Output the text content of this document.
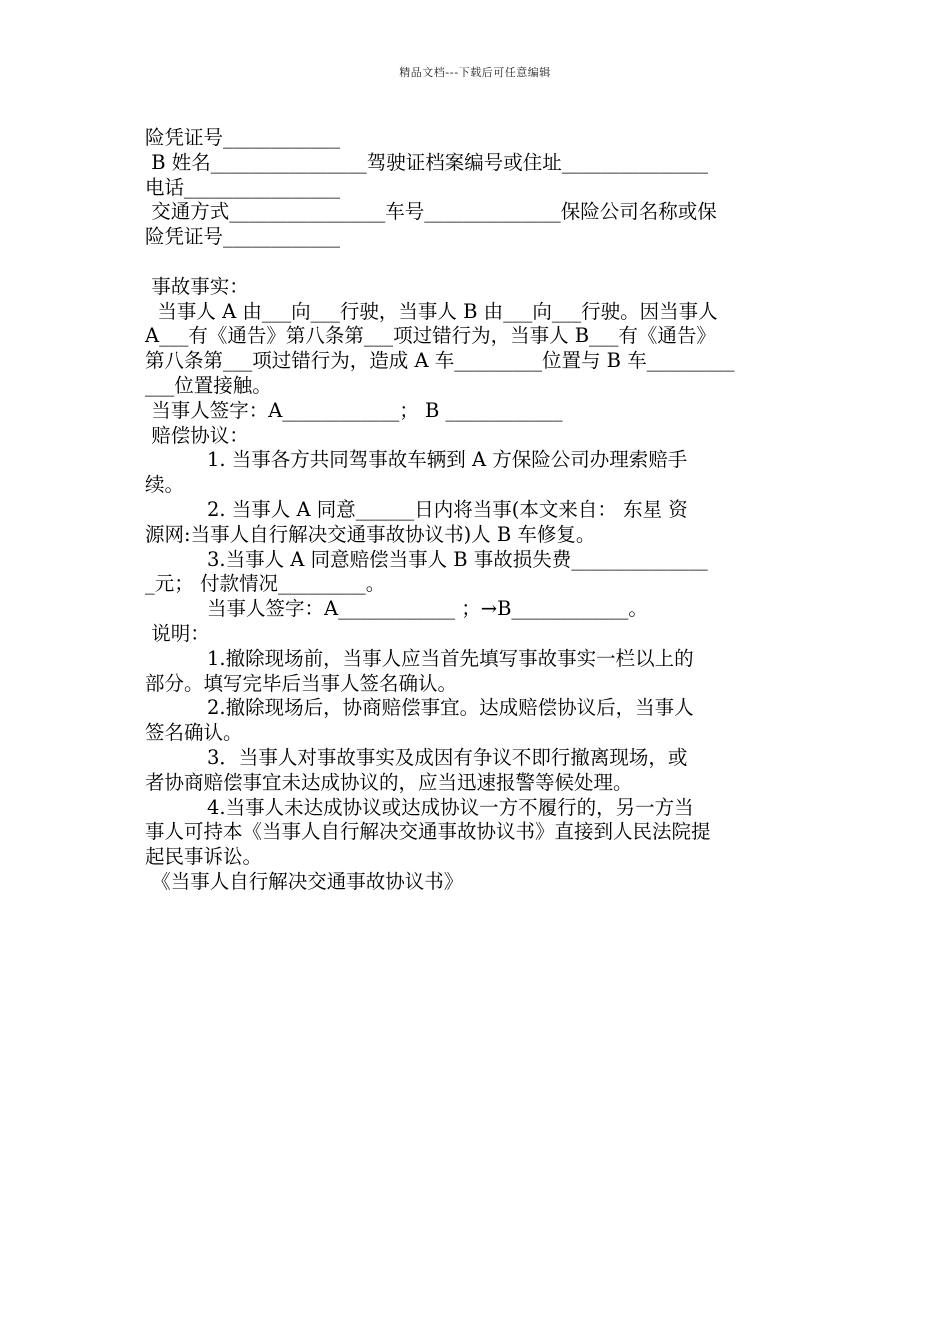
精品文档---下载后可任意编辑
险凭证号____________
B 姓名________________驾驶证档案编号或住址_______________
电话________________
交通方式________________车号______________保险公司名称或保
险凭证号____________
事故事实：
当事人 A 由___向___行驶，当事人 B 由___向___行驶。因当事人
A___有《通告》第八条第___项过错行为，当事人 B___有《通告》
第八条第___项过错行为，造成 A 车_________位置与 B 车_________
___位置接触。
当事人签字：A____________； B ____________
赔偿协议：
1. 当事各方共同驾事故车辆到 A 方保险公司办理索赔手
续。
2. 当事人 A 同意______日内将当事(本文来自： 东星 资
源网:当事人自行解决交通事故协议书)人 B 车修复。
3.当事人 A 同意赔偿当事人 B 事故损失费______________
_元； 付款情况_________。
当事人签字：A____________ ；→B____________。
说明：
1.撤除现场前，当事人应当首先填写事故事实一栏以上的
部分。填写完毕后当事人签名确认。
2.撤除现场后，协商赔偿事宜。达成赔偿协议后，当事人
签名确认。
3．当事人对事故事实及成因有争议不即行撤离现场，或
者协商赔偿事宜未达成协议的，应当迅速报警等候处理。
4.当事人未达成协议或达成协议一方不履行的，另一方当
事人可持本《当事人自行解决交通事故协议书》直接到人民法院提
起民事诉讼。
《当事人自行解决交通事故协议书》
